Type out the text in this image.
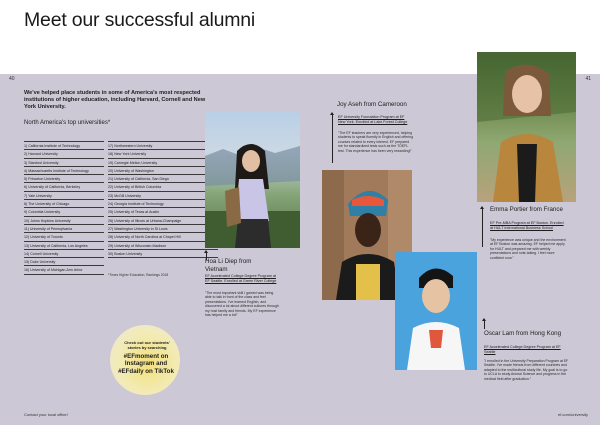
Meet our successful alumni
40	41

We've helped place students in some of America's most respected institutions of higher education, including Harvard, Cornell and New York University.

North America's top universities*

1) California Institute of Technology
2) Harvard University
3) Stanford University
4) Massachusetts Institute of Technology
5) Princeton University
6) University of California, Berkeley
7) Yale University
8) The University of Chicago
9) Columbia University
10) Johns Hopkins University
11) University of Pennsylvania
12) University of Toronto
13) University of California, Los Angeles
14) Cornell University
15) Duke University
16) University of Michigan-Ann Arbor
17) Northwestern University
18) New York University
19) Carnegie Mellon University
20) University of Washington
21) University of California, San Diego
22) University of British Columbia
23) McGill University
24) Georgia Institute of Technology
25) University of Texas at Austin
26) University of Illinois at Urbana-Champaign
27) Washington University in St Louis
28) University of North Carolina at Chapel Hill
29) University of Wisconsin-Madison
30) Boston University
*Times Higher Education, Rankings 2018

Check out our students' stories by searching

#EFmoment on Instagram and #EFdaily on TikTok

Contact your local office!	ef.com/university

Hoa Li Diep from Vietnam

EF Accelerated College Degree Program at EF Seattle. Enrolled at Green River College

"The most important skill I gained was being able to talk in front of the class and feel presentations. I've learned English, and discovered a lot about different cultures through my host family and friends. My EF experience has helped me a lot!"

Joy Aseh from Cameroon

EF University Foundation Program at EF New York. Enrolled at Lake Forest College

"The EF teachers are very experienced, helping students to speak fluently in English and offering courses related to every interest. EF prepared me for standardized tests such as the TOEFL test. This experience has been very rewarding!"

Emma Portier from France

EF Pre-MBA Program at EF Boston. Enrolled at HULT International Business School

"My experience was unique and the environment at EF Boston was amazing. EF helped me apply for HULT and prepared me with weekly presentations and note-taking. I feel more confident now."

Oscar Lam from Hong Kong

EF Accelerated College Degree Program at EF Seattle

"I enrolled in the University Preparation Program at EF Seattle. I've made friends from different countries and adapted to the multicultural study life. My goal is to go to UCLA to study Animal Science and progress in the medical field after graduation."
